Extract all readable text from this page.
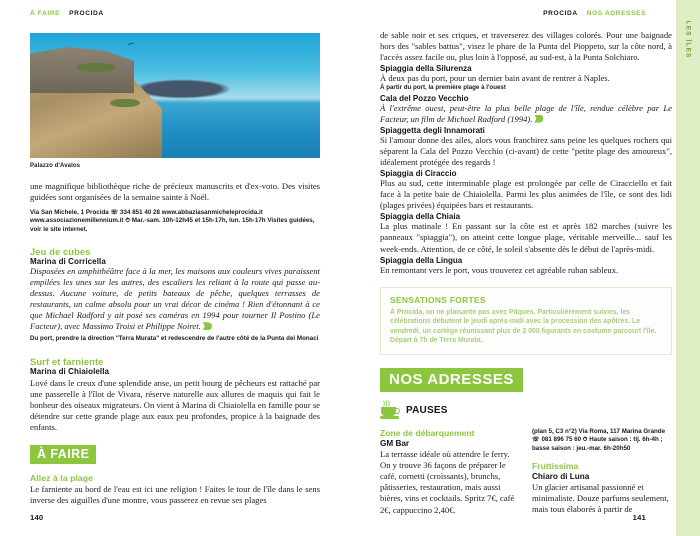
À FAIRE PROCIDA
Palazzo d'Avalos
une magnifique bibliothèque riche de précieux manuscrits et d'ex-voto. Des visites guidées sont organisées de la semaine sainte à Noël.
Via San Michele, 1 Procida ☏ 334 851 40 28 www.abbaziasanmicheleprocida.it www.associazionemillennium.it ⏱ Mar.-sam. 10h-12h45 et 15h-17h, lun. 15h-17h Visites guidées, voir le site internet.
Jeu de cubes
Marina di Corricella
Disposées en amphithéâtre face à la mer, les maisons aux couleurs vives paraissent empilées les unes sur les autres, des escaliers les reliant à la route qui passe au-dessus. Aucune voiture, de petits bateaux de pêche, quelques terrasses de restaurants, un calme absolu pour un vrai décor de cinéma ! Rien d'étonnant à ce que Michael Radford y ait posé ses caméras en 1994 pour tourner Il Postino (Le Facteur), avec Massimo Troisi et Philippe Noiret.
Du port, prendre la direction "Terra Murata" et redescendre de l'autre côté de la Punta dei Monaci
Surf et farniente
Marina di Chiaiolella
Lové dans le creux d'une splendide anse, un petit bourg de pêcheurs est rattaché par une passerelle à l'îlot de Vivara, réserve naturelle aux allures de maquis qui fait le bonheur des oiseaux migrateurs. On vient à Marina di Chiaiolella en famille pour se détendre sur cette grande plage aux eaux peu profondes, propice à la baignade des enfants.
À FAIRE
Allez à la plage
Le farniente au bord de l'eau est ici une religion ! Faites le tour de l'île dans le sens inverse des aiguilles d'une montre, vous passerez en revue ses plages
140
PROCIDA NOS ADRESSES
de sable noir et ses criques, et traverserez des villages colorés. Pour une baignade hors des "sables battus", visez le phare de la Punta del Pioppeto, sur la côte nord, à l'accès assez facile ou, plus loin à l'opposé, au sud-est, à la Punta Solchiaro.
Spiaggia della Silurenza
À deux pas du port, pour un dernier bain avant de rentrer à Naples.
À partir du port, la première plage à l'ouest
Cala del Pozzo Vecchio
À l'extrême ouest, peut-être la plus belle plage de l'île, rendue célèbre par Le Facteur, un film de Michael Radford (1994).
Spiaggetta degli Innamorati
Si l'amour donne des ailes, alors vous franchirez sans peine les quelques rochers qui séparent la Cala del Pozzo Vecchio (ci-avant) de cette "petite plage des amoureux", idéalement protégée des regards !
Spiaggia di Ciraccio
Plus au sud, cette interminable plage est prolongée par celle de Ciracciello et fait face à la petite baie de Chiaiolella. Parmi les plus animées de l'île, ce sont des lidi (plages privées) équipées bars et restaurants.
Spiaggia della Chiaia
La plus matinale ! En passant sur la côte est et après 182 marches (suivre les panneaux "spiaggia"), on atteint cette longue plage, véritable merveille... sauf les week-ends. Attention, de ce côté, le soleil s'absente dès le début de l'après-midi.
Spiaggia della Lingua
En remontant vers le port, vous trouverez cet agréable ruban sableux.
SENSATIONS FORTES
À Procida, on ne plaisante pas avec Pâques. Particulièrement suivies, les célébrations débutent le jeudi après-midi avec la procession des apôtres. Le vendredi, un cortège réunissant plus de 2 000 figurants en costume parcourt l'île. Départ à 7h de Terra Murata.
NOS ADRESSES
)))
PAUSES
Zone de débarquement
GM Bar
La terrasse idéale où attendre le ferry. On y trouve 36 façons de préparer le café, cornetti (croissants), brunchs, pâtisseries, restauration, mais aussi bières, vins et cocktails. Spritz 7€, café 2€, cappuccino 2,40€.
(plan 5, C3 n°2) Via Roma, 117 Marina Grande ☏ 081 896 75 60 ⏱ Haute saison : tlj. 6h-4h ; basse saison : jeu.-mar. 6h-20h50
Fruttissima
Chiaro di Luna
Un glacier artisanal passionné et minimaliste. Douze parfums seulement, mais tous élaborés à partir de
141
LES ÎLES
